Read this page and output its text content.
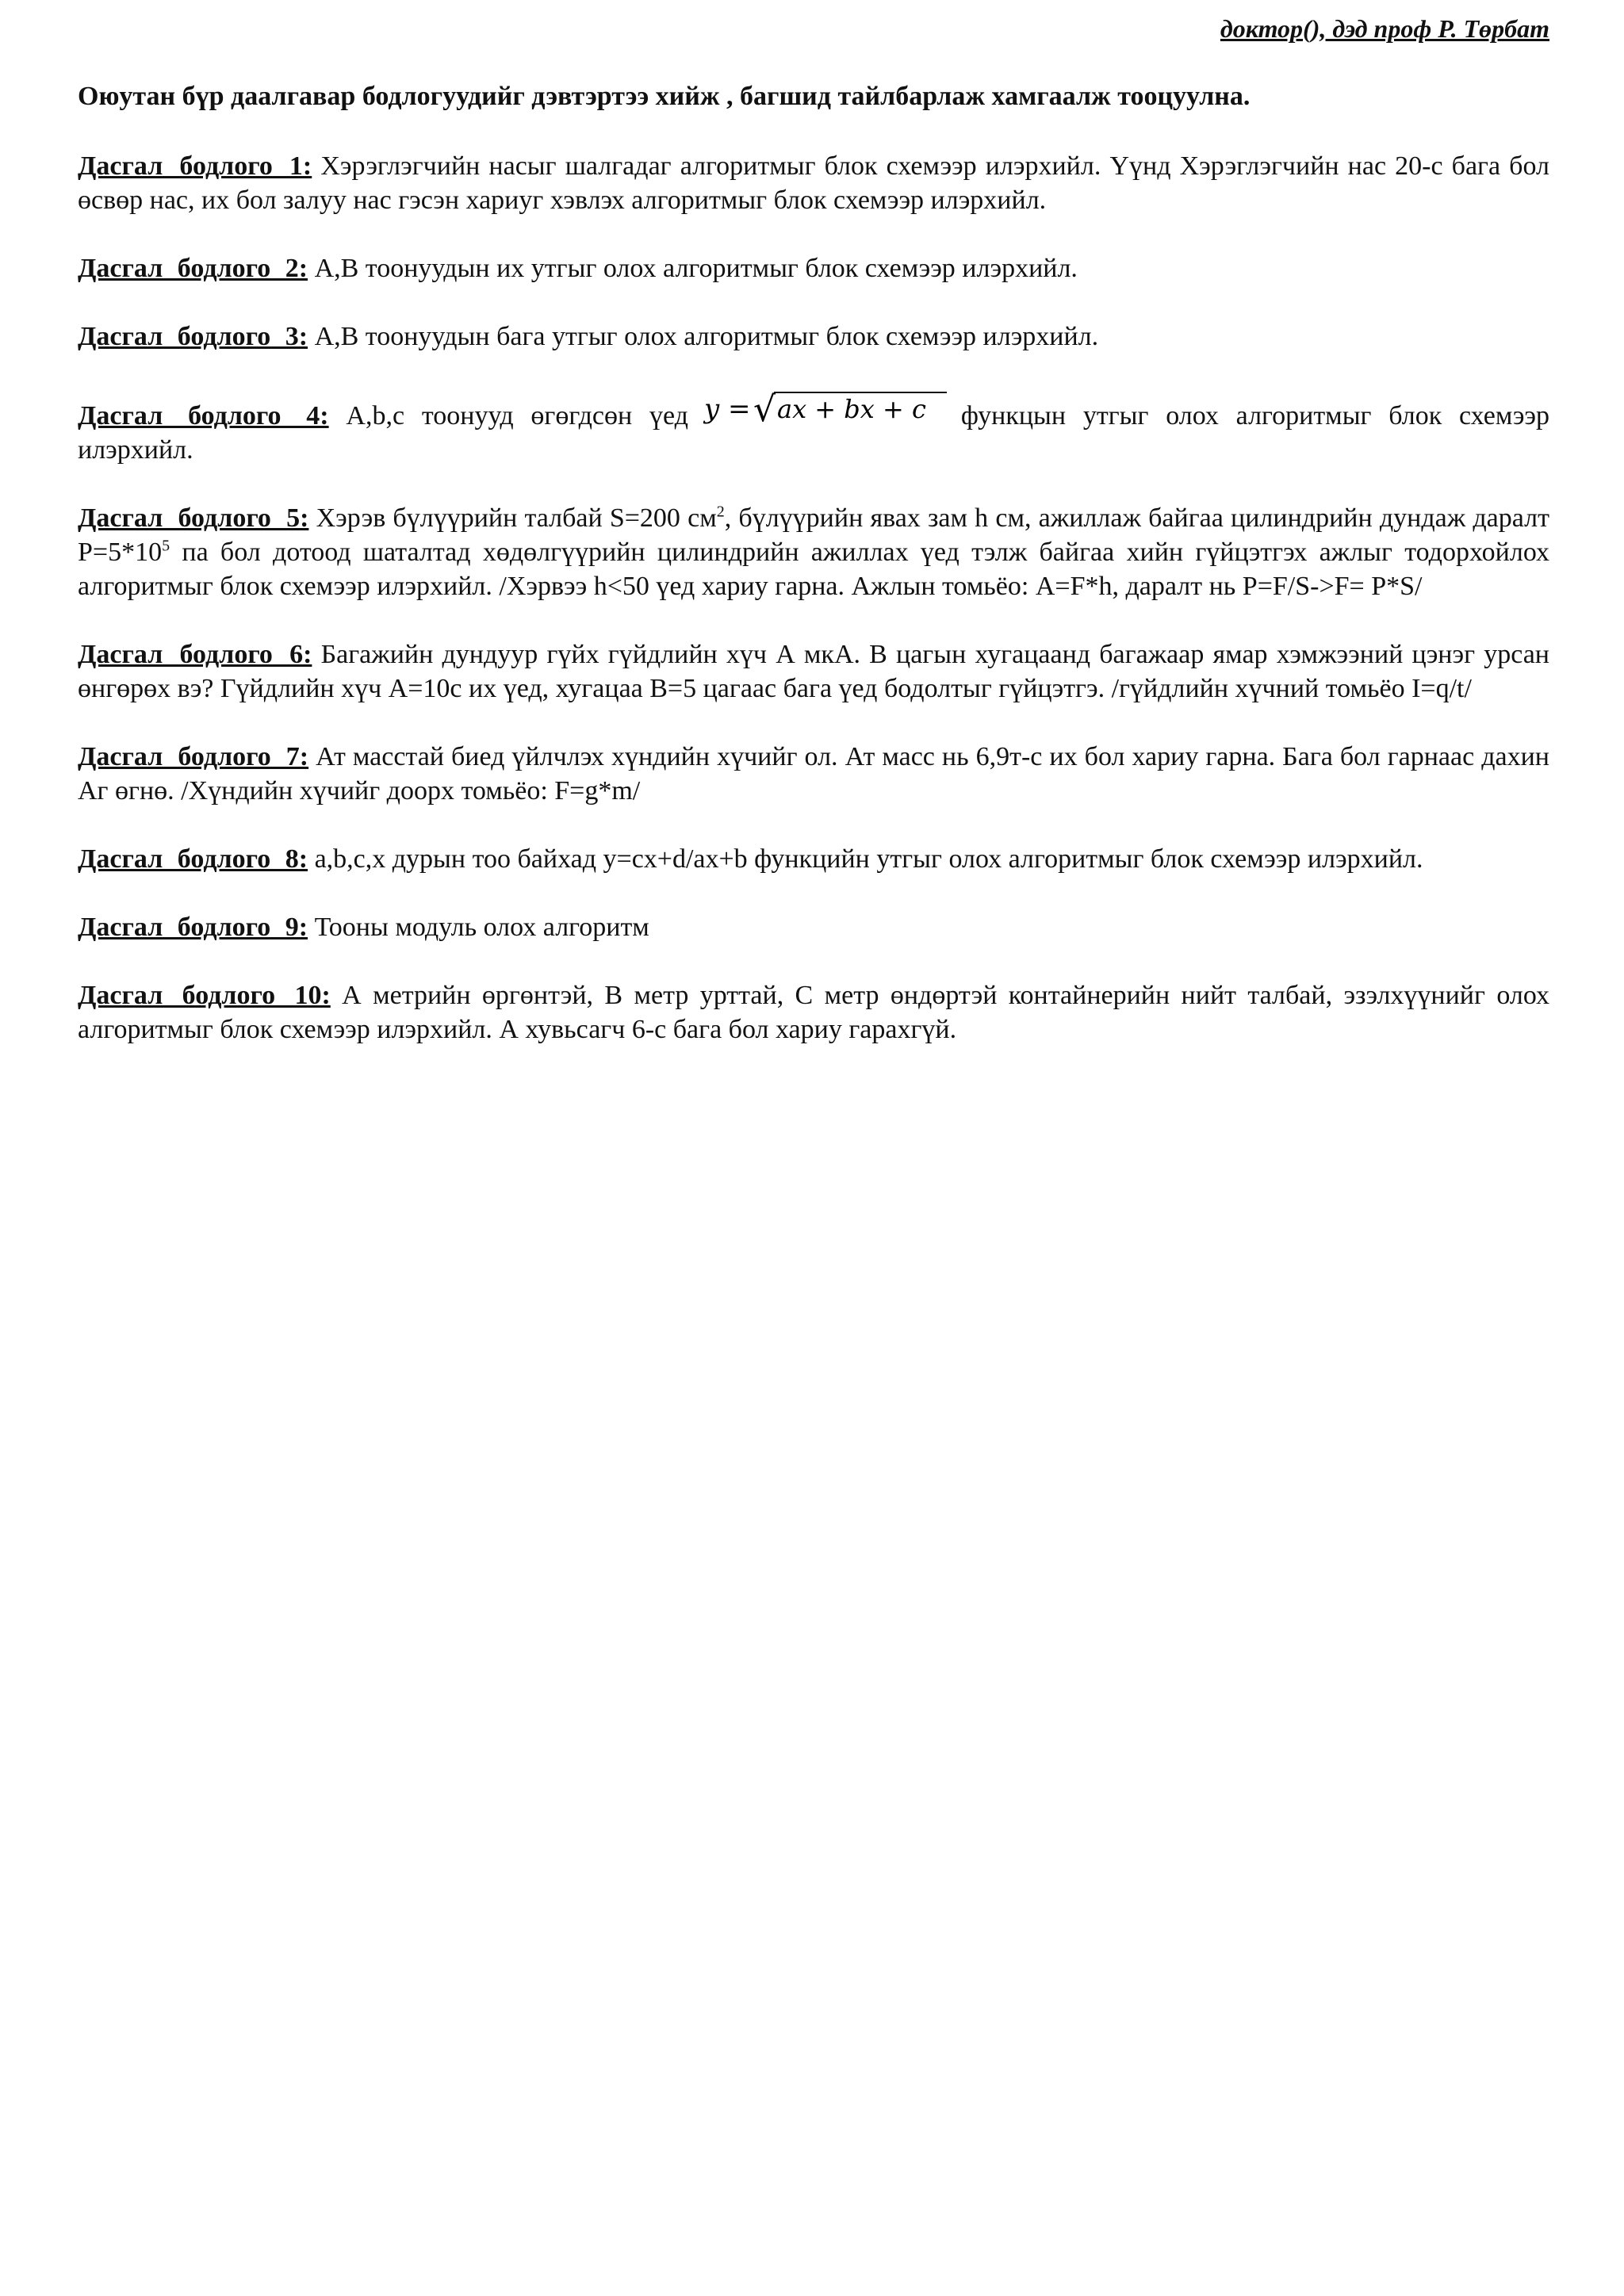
доктор(), дэд проф Р. Төрбат

Оюутан бүр даалгавар бодлогуудийг дэвтэртээ хийж , багшид тайлбарлаж хамгаалж тооцуулна.

Дасгал бодлого 1: Хэрэглэгчийн насыг шалгадаг алгоритмыг блок схемээр илэрхийл. Үүнд Хэрэглэгчийн нас 20-с бага бол өсвөр нас, их бол залуу нас гэсэн хариуг хэвлэх алгоритмыг блок схемээр илэрхийл.

Дасгал бодлого 2: A,B тоонуудын их утгыг олох алгоритмыг блок схемээр илэрхийл.

Дасгал бодлого 3: A,B тоонуудын бага утгыг олох алгоритмыг блок схемээр илэрхийл.

Дасгал бодлого 4: A,b,c тоонууд өгөгдсөн үед y = √ ax + bx + c функцын утгыг олох алгоритмыг блок схемээр илэрхийл.

Дасгал бодлого 5: Хэрэв бүлүүрийн талбай S=200 $см^2$, бүлүүрийн явах зам h см, ажиллаж байгаа цилиндрийн дундаж даралт $P=5*10^5$ па бол дотоод шаталтад хөдөлгүүрийн цилиндрийн ажиллах үед тэлж байгаа хийн гүйцэтгэх ажлыг тодорхойлох алгоритмыг блок схемээр илэрхийл. /Хэрвээ h<50 үед хариу гарна. Ажлын томьёо: A=F*h, даралт нь P=F/S->F= P*S/

Дасгал бодлого 6: Багажийн дундуур гүйх гүйдлийн хүч А мкА. В цагын хугацаанд багажаар ямар хэмжээний цэнэг урсан өнгөрөх вэ? Гүйдлийн хүч А=10с их үед, хугацаа В=5 цагаас бага үед бодолтыг гүйцэтгэ. /гүйдлийн хүчний томьёо I=q/t/

Дасгал бодлого 7: Ат масстай биед үйлчлэх хүндийн хүчийг ол. Ат масс нь 6,9т-с их бол хариу гарна. Бага бол гарнаас дахин Аг өгнө. /Хүндийн хүчийг доорх томьёо: F=g*m/

Дасгал бодлого 8: a,b,c,x дурын тоо байхад y=cx+d/ax+b функцийн утгыг олох алгоритмыг блок схемээр илэрхийл.

Дасгал бодлого 9: Тооны модуль олох алгоритм

Дасгал бодлого 10: А метрийн өргөнтэй, В метр урттай, С метр өндөртэй контайнерийн нийт талбай, эзэлхүүнийг олох алгоритмыг блок схемээр илэрхийл. А хувьсагч 6-с бага бол хариу гарахгүй.
